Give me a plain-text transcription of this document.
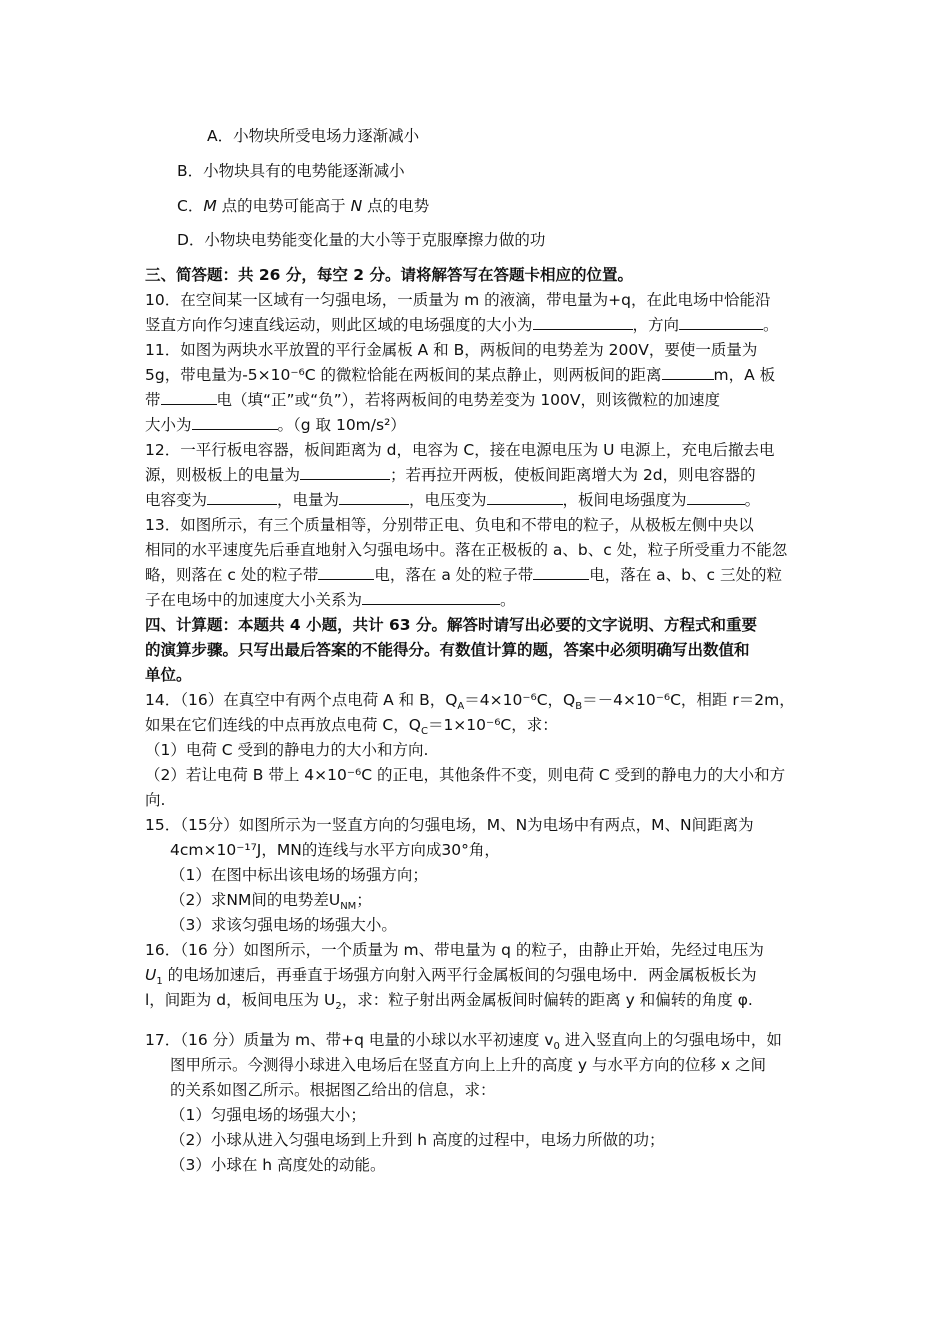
A．小物块所受电场力逐渐减小
B．小物块具有的电势能逐渐减小
C．M 点的电势可能高于 N 点的电势
D．小物块电势能变化量的大小等于克服摩擦力做的功
三、简答题：共 26 分，每空 2 分。请将解答写在答题卡相应的位置。
10．在空间某一区域有一匀强电场，一质量为 m 的液滴，带电量为+q，在此电场中恰能沿
竖直方向作匀速直线运动，则此区域的电场强度的大小为	，方向	。
11．如图为两块水平放置的平行金属板 A 和 B，两板间的电势差为 200V，要使一质量为
5g，带电量为-5×10⁻⁶C 的微粒恰能在两板间的某点静止，则两板间的距离	m，A 板
带	电（填“正”或“负”），若将两板间的电势差变为 100V，则该微粒的加速度
大小为	。（g 取 10m/s²）
12．一平行板电容器，板间距离为 d，电容为 C，接在电源电压为 U 电源上，充电后撤去电
源，则极板上的电量为	；若再拉开两板，使板间距离增大为 2d，则电容器的
电容变为	，电量为	，电压变为	，板间电场强度为	。
13．如图所示，有三个质量相等，分别带正电、负电和不带电的粒子，从极板左侧中央以
相同的水平速度先后垂直地射入匀强电场中。落在正极板的 a、b、c 处，粒子所受重力不能忽
略，则落在 c 处的粒子带	电，落在 a 处的粒子带	电，落在 a、b、c 三处的粒
子在电场中的加速度大小关系为	。
四、计算题：本题共 4 小题，共计 63 分。解答时请写出必要的文字说明、方程式和重要
的演算步骤。只写出最后答案的不能得分。有数值计算的题，答案中必须明确写出数值和
单位。
14．（16）在真空中有两个点电荷 A 和 B，$Q_A=4\times 10^{-6}C$，$Q_B=-4\times 10^{-6}C$，相距 r＝2m，
如果在它们连线的中点再放点电荷 C，$Q_C=1\times 10^{-6}C$，求：
（1）电荷 C 受到的静电力的大小和方向.
（2）若让电荷 B 带上 4×10⁻⁶C 的正电，其他条件不变，则电荷 C 受到的静电力的大小和方
向.
15．（15分）如图所示为一竖直方向的匀强电场，M、N为电场中有两点，M、N间距离为
4cm×10⁻¹⁷J，MN的连线与水平方向成30°角，
（1）在图中标出该电场的场强方向；
（2）求NM间的电势差$U_{NM}$；
（3）求该匀强电场的场强大小。
16．（16 分）如图所示，一个质量为 m、带电量为 q 的粒子，由静止开始，先经过电压为
$U_1$ 的电场加速后，再垂直于场强方向射入两平行金属板间的匀强电场中．两金属板板长为
l，间距为 d，板间电压为 $U_2$，求：粒子射出两金属板间时偏转的距离 y 和偏转的角度 φ.
17．（16 分）质量为 m、带+q 电量的小球以水平初速度 $v_0$ 进入竖直向上的匀强电场中，如
图甲所示。今测得小球进入电场后在竖直方向上上升的高度 y 与水平方向的位移 x 之间
的关系如图乙所示。根据图乙给出的信息，求：
（1）匀强电场的场强大小；
（2）小球从进入匀强电场到上升到 h 高度的过程中，电场力所做的功；
（3）小球在 h 高度处的动能。
